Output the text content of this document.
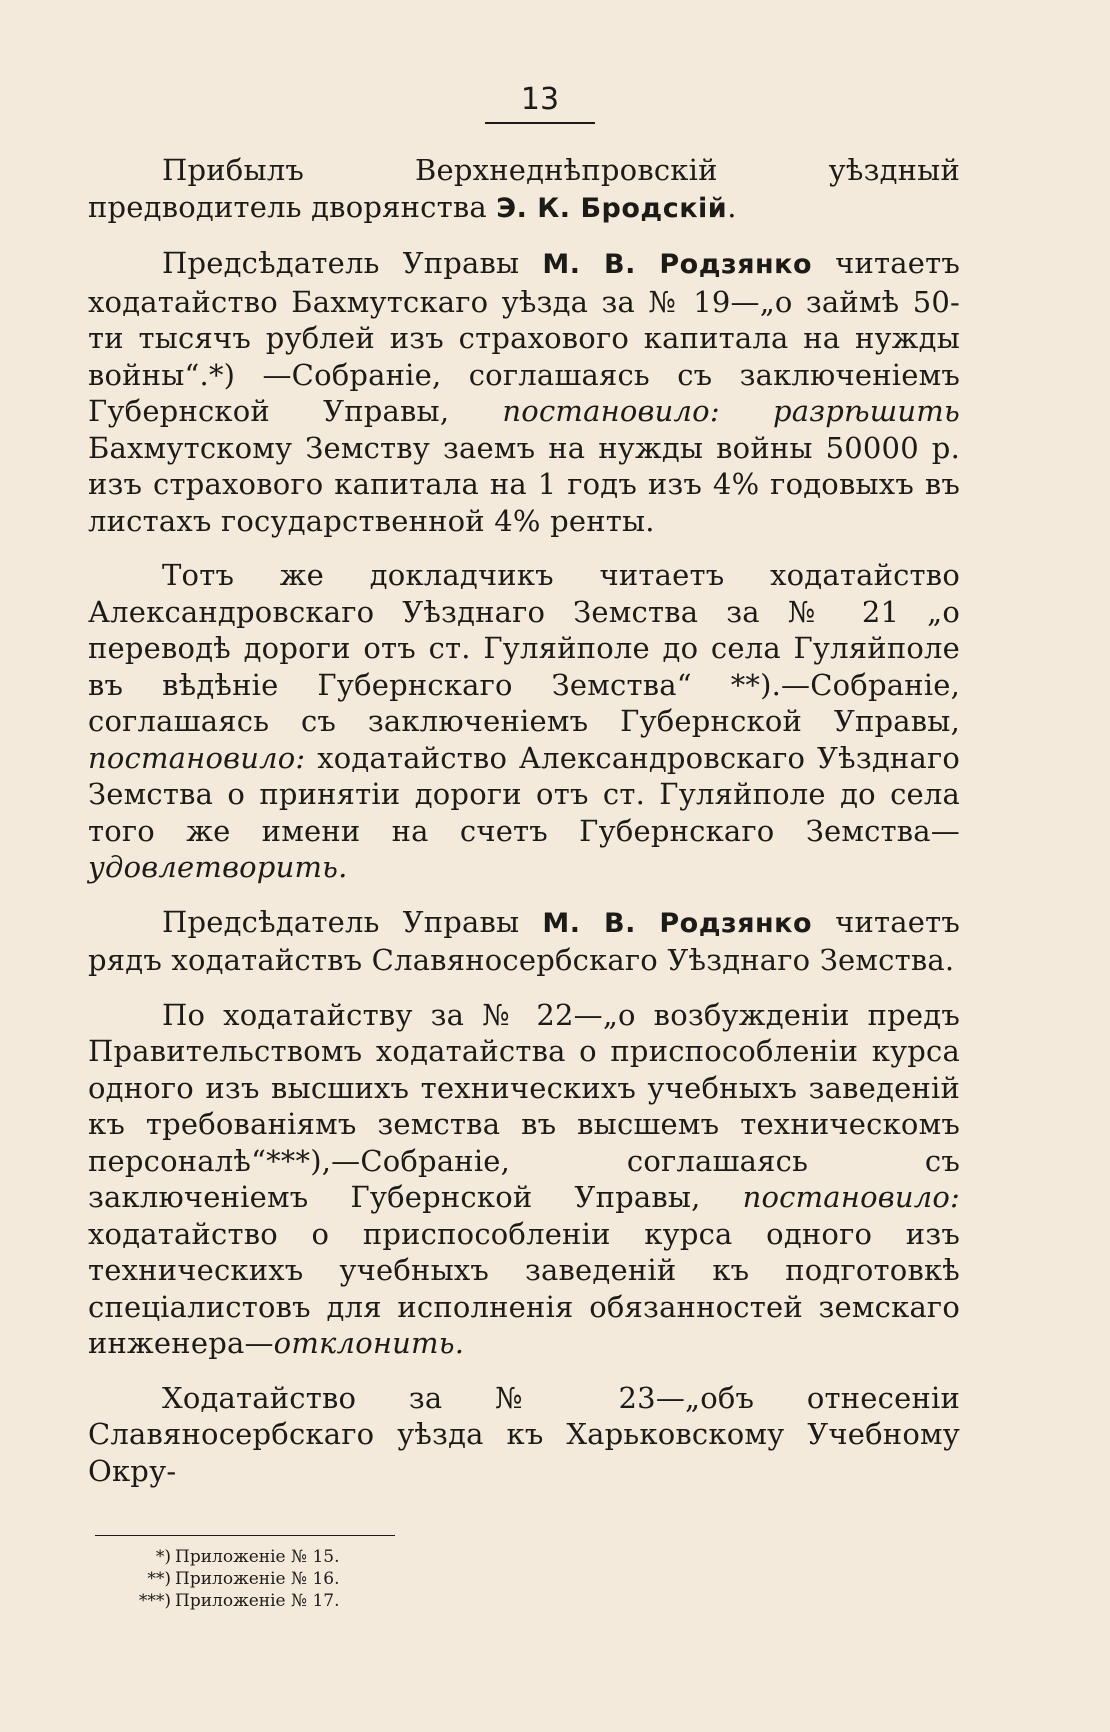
13

Прибылъ Верхнеднѣпровскій уѣздный предводитель дворянства Э. К. Бродскій.

Предсѣдатель Управы М. В. Родзянко читаетъ ходатайство Бахмутскаго уѣзда за № 19—„о займѣ 50-ти тысячъ рублей изъ страхового капитала на нужды войны“.*) —Собраніе, соглашаясь съ заключеніемъ Губернской Управы, постановило: разрѣшить Бахмутскому Земству заемъ на нужды войны 50000 р. изъ страхового капитала на 1 годъ изъ 4% годовыхъ въ листахъ государственной 4% ренты.

Тотъ же докладчикъ читаетъ ходатайство Александровскаго Уѣзднаго Земства за № 21 „о переводѣ дороги отъ ст. Гуляйполе до села Гуляйполе въ вѣдѣніе Губернскаго Земства“ **).—Собраніе, соглашаясь съ заключеніемъ Губернской Управы, постановило: ходатайство Александровскаго Уѣзднаго Земства о принятіи дороги отъ ст. Гуляйполе до села того же имени на счетъ Губернскаго Земства—удовлетворить.

Предсѣдатель Управы М. В. Родзянко читаетъ рядъ ходатайствъ Славяносербскаго Уѣзднаго Земства.

По ходатайству за № 22—„о возбужденіи предъ Правительствомъ ходатайства о приспособленіи курса одного изъ высшихъ техническихъ учебныхъ заведеній къ требованіямъ земства въ высшемъ техническомъ персоналѣ“***),—Собраніе, соглашаясь съ заключеніемъ Губернской Управы, постановило: ходатайство о приспособленіи курса одного изъ техническихъ учебныхъ заведеній къ подготовкѣ спеціалистовъ для исполненія обязанностей земскаго инженера—отклонить.

Ходатайство за № 23—„объ отнесеніи Славяносербскаго уѣзда къ Харьковскому Учебному Окру-

*) Приложеніе № 15.
**) Приложеніе № 16.
***) Приложеніе № 17.
